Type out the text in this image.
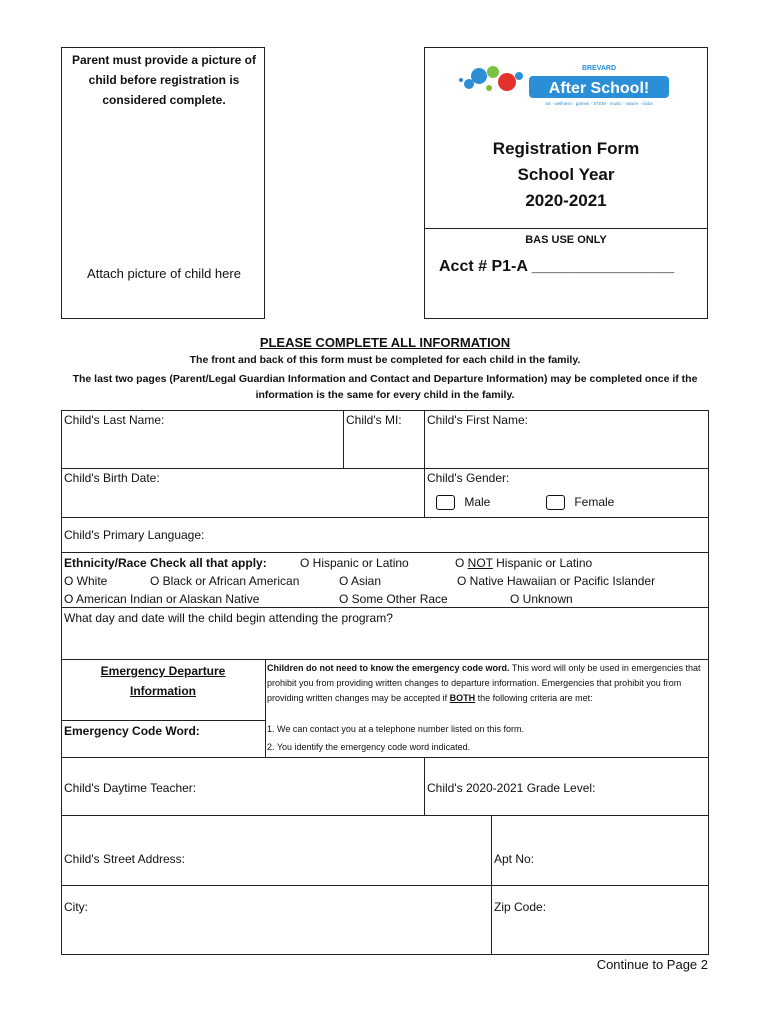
Parent must provide a picture of child before registration is considered complete.
Attach picture of child here
BREVARD
After School!
art · wellness · games · STEM · music · nature · clubs
Registration Form
School Year
2020-2021
BAS USE ONLY
Acct # P1-A ________________
PLEASE COMPLETE ALL INFORMATION
The front and back of this form must be completed for each child in the family.
The last two pages (Parent/Legal Guardian Information and Contact and Departure Information) may be completed once if the information is the same for every child in the family.
Child's Last Name:	Child's MI: Child's First Name:
Child's Birth Date:	Child's Gender:
Male	Female
Child's Primary Language:
Ethnicity/Race Check all that apply:	O Hispanic or Latino	O NOT Hispanic or Latino
O White	O Black or African American	O Asian	O Native Hawaiian or Pacific Islander
O American Indian or Alaskan Native	O Some Other Race	O Unknown
What day and date will the child begin attending the program?
Emergency Departure
Information
Emergency Code Word:
Children do not need to know the emergency code word. This word will only be used in emergencies that prohibit you from providing written changes to departure information. Emergencies that prohibit you from providing written changes may be accepted if BOTH the following criteria are met:
1. We can contact you at a telephone number listed on this form.
2. You identify the emergency code word indicated.
Child's Daytime Teacher:	Child's 2020-2021 Grade Level:
Child's Street Address:	Apt No:
City:	Zip Code:
Continue to Page 2
